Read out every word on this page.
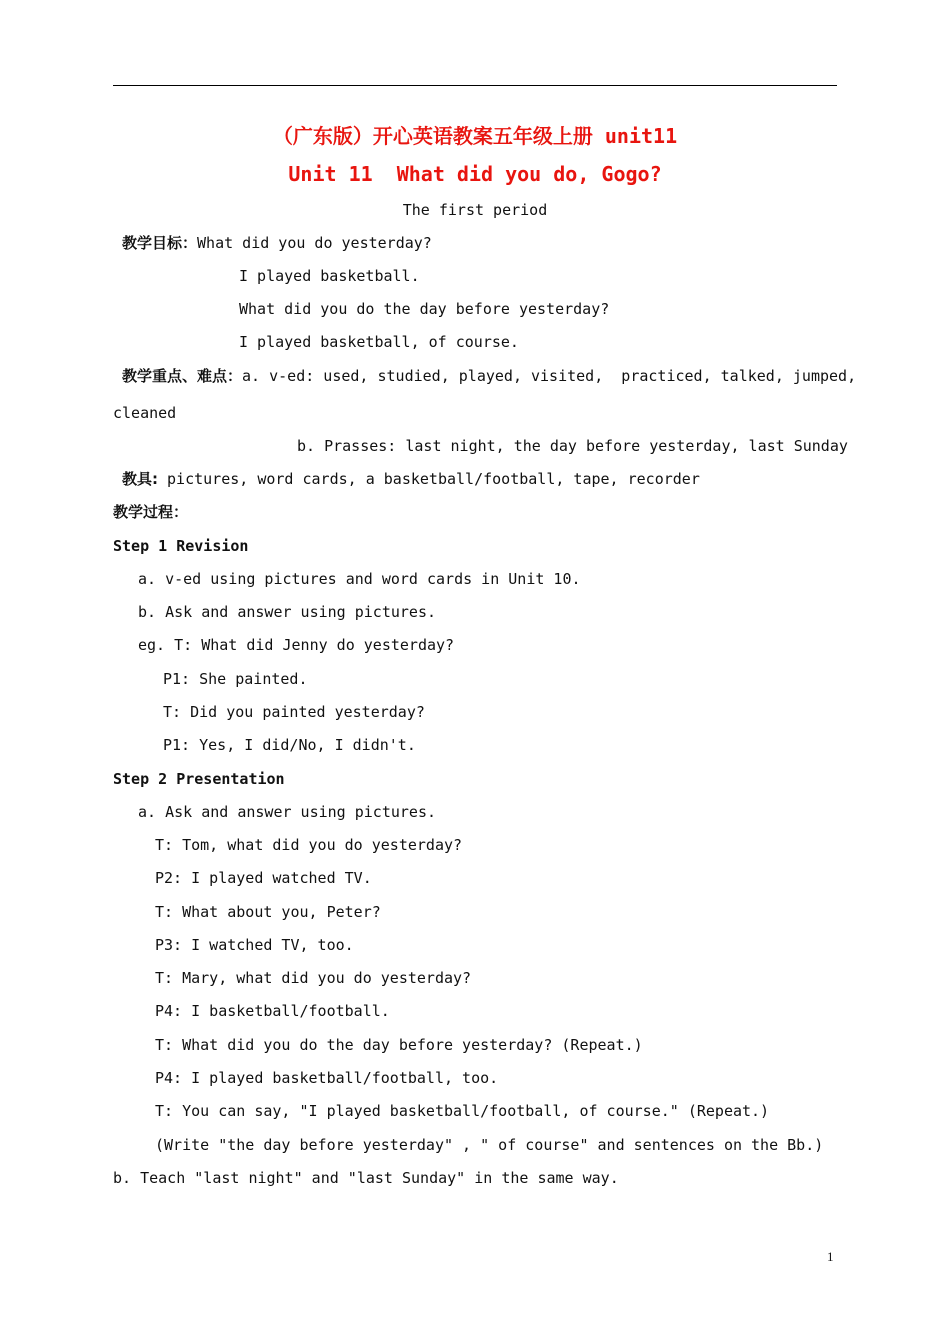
（广东版）开心英语教案五年级上册 unit11
Unit 11  What did you do, Gogo?
The first period
教学目标：What did you do yesterday?
I played basketball.
What did you do the day before yesterday?
I played basketball, of course.
教学重点、难点：a. v-ed: used, studied, played, visited,  practiced, talked, jumped,
cleaned
b. Prasses: last night, the day before yesterday, last Sunday
教具: pictures, word cards, a basketball/football, tape, recorder
教学过程：
Step 1 Revision
a. v-ed using pictures and word cards in Unit 10.
b. Ask and answer using pictures.
eg. T: What did Jenny do yesterday?
P1: She painted.
T: Did you painted yesterday?
P1: Yes, I did/No, I didn't.
Step 2 Presentation
a. Ask and answer using pictures.
T: Tom, what did you do yesterday?
P2: I played watched TV.
T: What about you, Peter?
P3: I watched TV, too.
T: Mary, what did you do yesterday?
P4: I basketball/football.
T: What did you do the day before yesterday? (Repeat.)
P4: I played basketball/football, too.
T: You can say, "I played basketball/football, of course." (Repeat.)
(Write "the day before yesterday" , " of course" and sentences on the Bb.)
b. Teach "last night" and "last Sunday" in the same way.
1
